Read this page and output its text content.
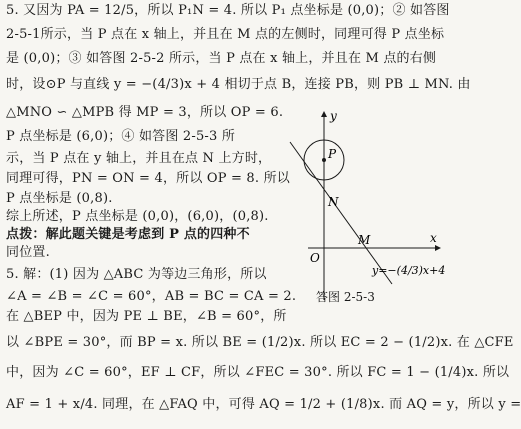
5. 又因为 PA = 12/5，所以 P₁N = 4. 所以 P₁ 点坐标是 (0,0)；② 如答图
2-5-1所示，当 P 点在 x 轴上，并且在 M 点的左侧时，同理可得 P 点坐标
是 (0,0)；③ 如答图 2-5-2 所示，当 P 点在 x 轴上，并且在 M 点的右侧
时，设⊙P 与直线 y = −(4/3)x + 4 相切于点 B，连接 PB，则 PB ⊥ MN. 由
△MNO ∽ △MPB 得 MP = 3，所以 OP = 6.
P 点坐标是 (6,0)；④ 如答图 2-5-3 所
示，当 P 点在 y 轴上，并且在点 N 上方时，
同理可得，PN = ON = 4，所以 OP = 8. 所以
P 点坐标是 (0,8).
综上所述，P 点坐标是 (0,0)，(6,0)，(0,8).
点拨：解此题关键是考虑到 P 点的四种不
同位置.
5. 解：(1) 因为 △ABC 为等边三角形，所以
∠A = ∠B = ∠C = 60°，AB = BC = CA = 2.
在 △BEP 中，因为 PE ⊥ BE，∠B = 60°，所
以 ∠BPE = 30°，而 BP = x. 所以 BE = (1/2)x. 所以 EC = 2 − (1/2)x. 在 △CFE
中，因为 ∠C = 60°，EF ⊥ CF，所以 ∠FEC = 30°. 所以 FC = 1 − (1/4)x. 所以
AF = 1 + x/4. 同理，在 △FAQ 中，可得 AQ = 1/2 + (1/8)x. 而 AQ = y，所以 y =
y
x
O
P
N
M
y=−(4/3)x+4
答图 2-5-3
